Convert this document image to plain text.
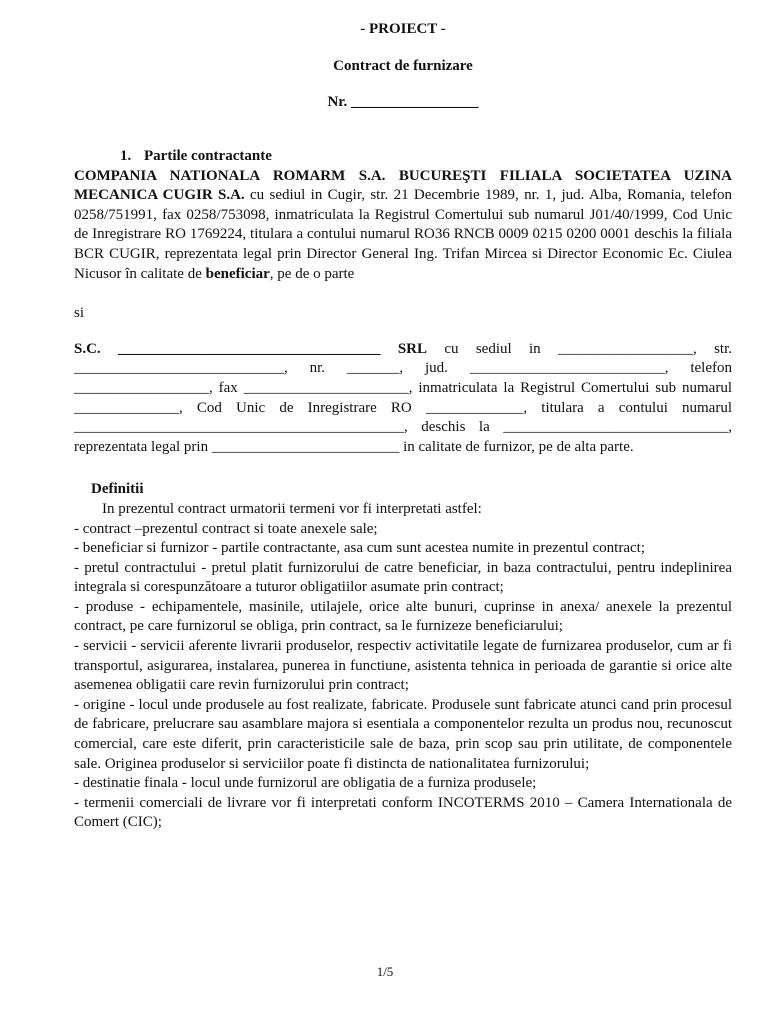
- PROIECT -
Contract de furnizare
Nr. _________________
1. Partile contractante

COMPANIA NATIONALA ROMARM S.A. BUCUREŞTI FILIALA SOCIETATEA UZINA MECANICA CUGIR S.A. cu sediul in Cugir, str. 21 Decembrie 1989, nr. 1, jud. Alba, Romania, telefon 0258/751991, fax 0258/753098, inmatriculata la Registrul Comertului sub numarul J01/40/1999, Cod Unic de Inregistrare RO 1769224, titulara a contului numarul RO36 RNCB 0009 0215 0200 0001 deschis la filiala BCR CUGIR, reprezentata legal prin Director General Ing. Trifan Mircea si Director Economic Ec. Ciulea Nicusor în calitate de beneficiar, pe de o parte

si

S.C. ___________________________________ SRL cu sediul in __________________, str. ____________________________, nr. _______, jud. __________________________, telefon __________________, fax ______________________, inmatriculata la Registrul Comertului sub numarul ______________, Cod Unic de Inregistrare RO _____________, titulara a contului numarul ____________________________________________, deschis la ______________________________, reprezentata legal prin _________________________ in calitate de furnizor, pe de alta parte.

Definitii
In prezentul contract urmatorii termeni vor fi interpretati astfel:

- contract –prezentul contract si toate anexele sale;

- beneficiar si furnizor - partile contractante, asa cum sunt acestea numite in prezentul contract;

- pretul contractului - pretul platit furnizorului de catre beneficiar, in baza contractului, pentru indeplinirea integrala si corespunzătoare a tuturor obligatiilor asumate prin contract;

- produse - echipamentele, masinile, utilajele, orice alte bunuri, cuprinse in anexa/ anexele la prezentul contract, pe care furnizorul se obliga, prin contract, sa le furnizeze beneficiarului;

- servicii - servicii aferente livrarii produselor, respectiv activitatile legate de furnizarea produselor, cum ar fi transportul, asigurarea, instalarea, punerea in functiune, asistenta tehnica in perioada de garantie si orice alte asemenea obligatii care revin furnizorului prin contract;

- origine - locul unde produsele au fost realizate, fabricate. Produsele sunt fabricate atunci cand prin procesul de fabricare, prelucrare sau asamblare majora si esentiala a componentelor rezulta un produs nou, recunoscut comercial, care este diferit, prin caracteristicile sale de baza, prin scop sau prin utilitate, de componentele sale. Originea produselor si serviciilor poate fi distincta de nationalitatea furnizorului;

- destinatie finala - locul unde furnizorul are obligatia de a furniza produsele;

- termenii comerciali de livrare vor fi interpretati conform INCOTERMS 2010 – Camera Internationala de Comert (CIC);

1/5
